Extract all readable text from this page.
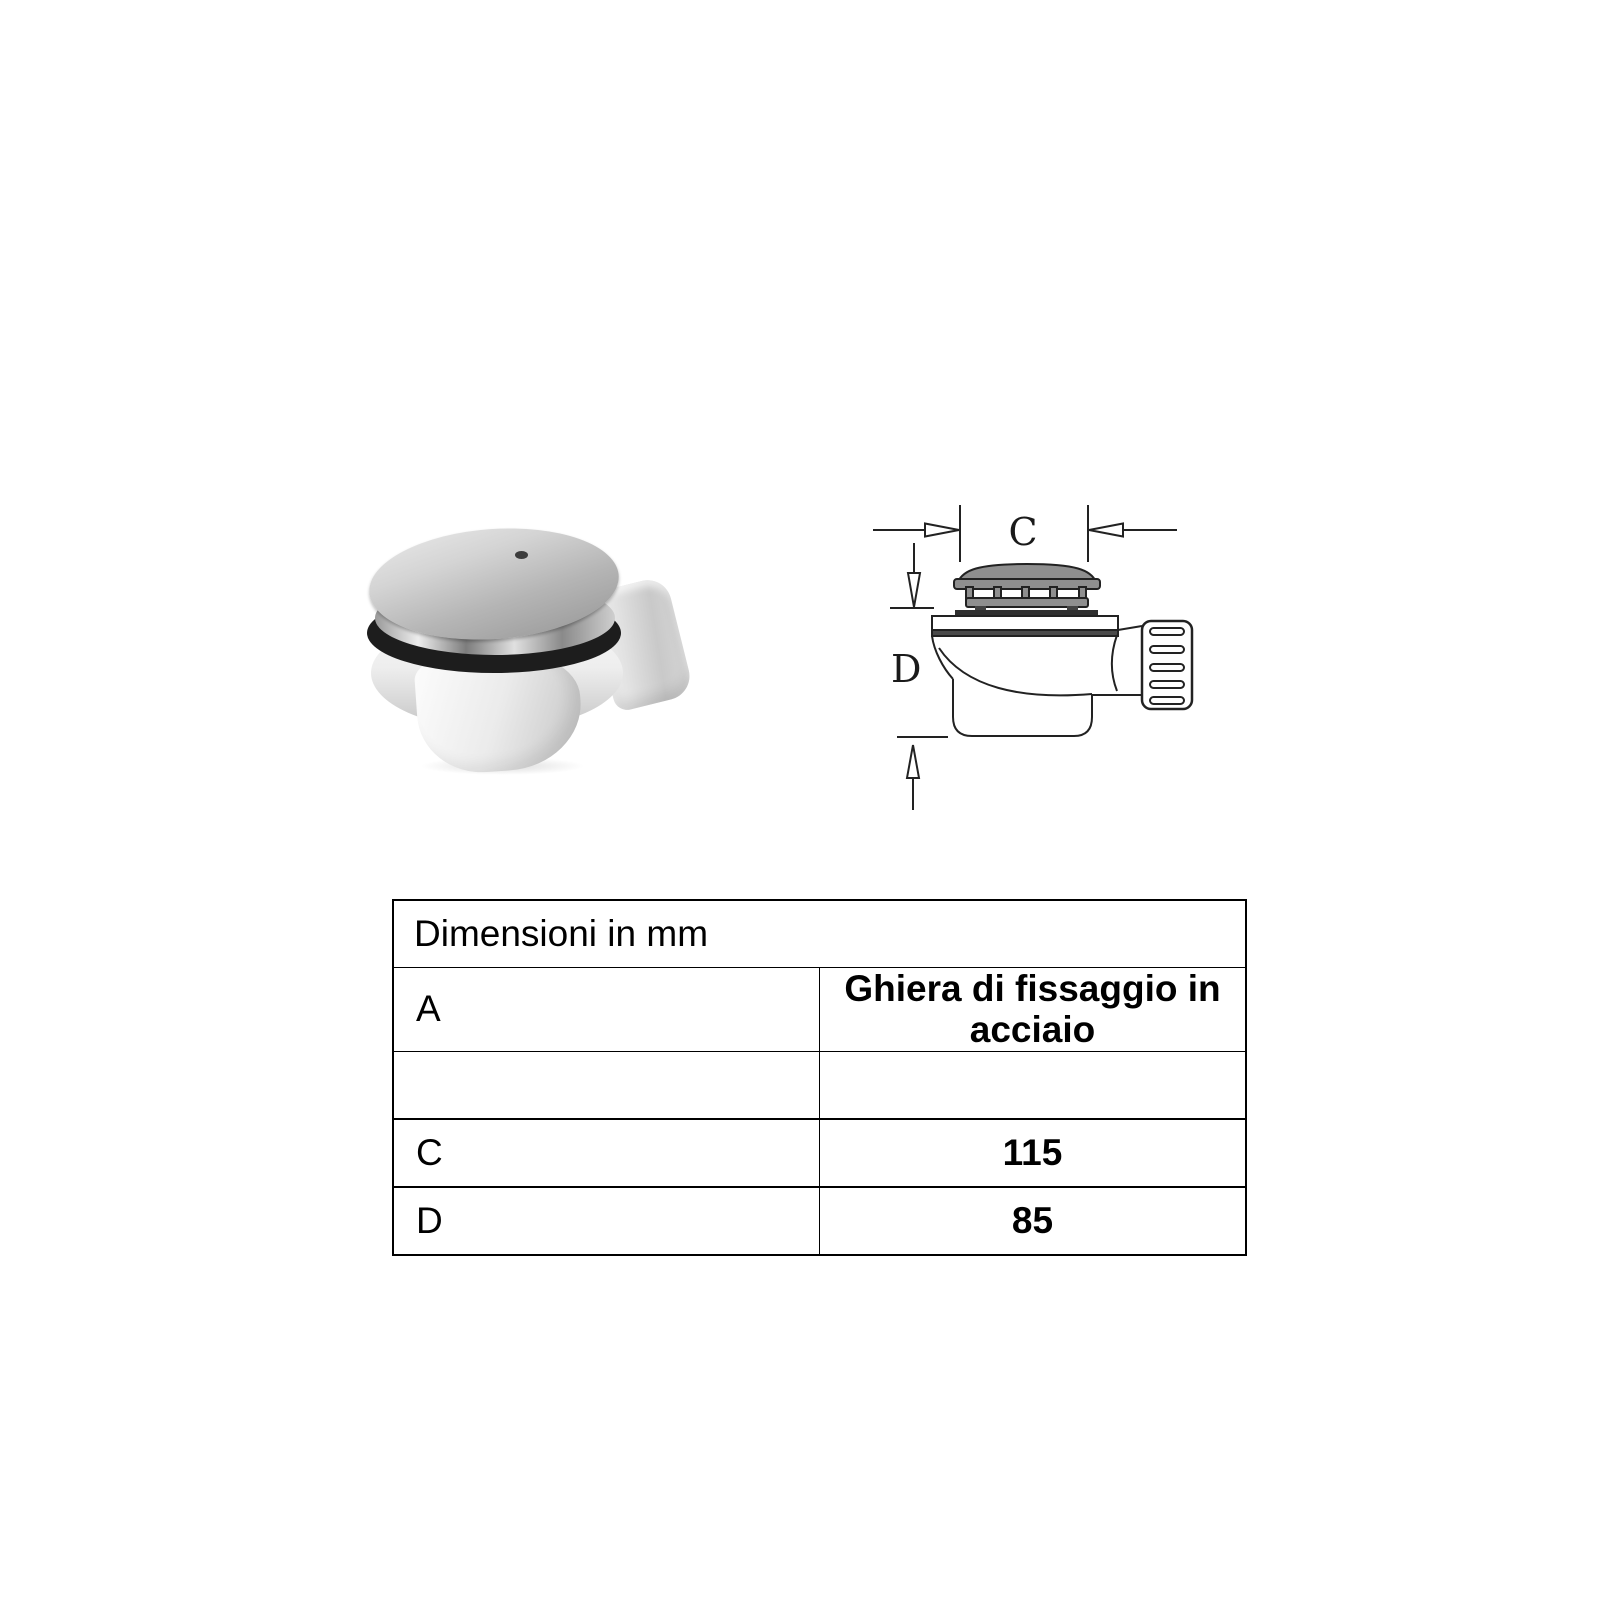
C
D
Dimensioni in mm	
A	Ghiera di fissaggio in acciaio

C	115
D	85
